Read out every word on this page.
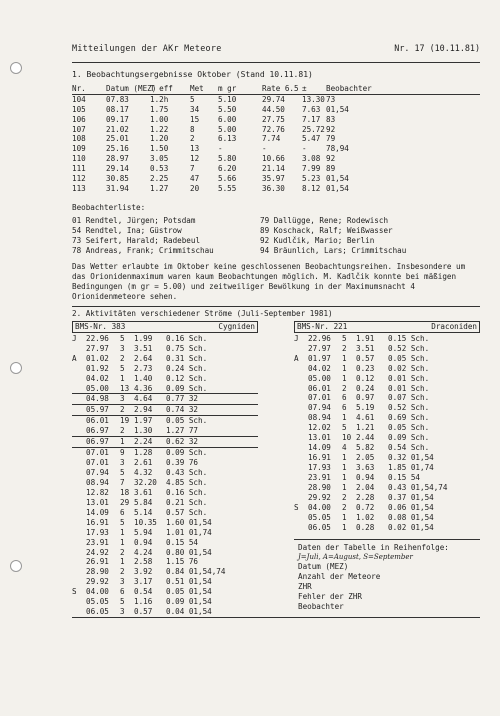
Mitteilungen der AKr Meteore	Nr. 17 (10.11.81)
1. Beobachtungsergebnisse Oktober (Stand 10.11.81)
Nr.	Datum (MEZ)
T eff	Met	m gr	Rate 6.5 ±	Beobachter
104	07.83	1.2h	5	5.10	29.74	13.30 73
105	08.17	1.75	34	5.50	44.50	7.63 01,54
106	09.17	1.00	15	6.00	27.75	7.17 83
107	21.02	1.22	8	5.00	72.76	25.72 92
108	25.01	1.20	2	6.13	7.74	5.47 79
109	25.16	1.50	13	-	-	-	78,94
110	28.97	3.05	12	5.80	10.66	3.08 92
111	29.14	0.53	7	6.20	21.14	7.99 89
112	30.85	2.25	47	5.66	35.97	5.23 01,54
113	31.94	1.27	20	5.55	36.30	8.12 01,54
Beobachterliste:
01 Rendtel, Jürgen; Potsdam	79 Dallügge, Rene; Rodewisch
54 Rendtel, Ina; Güstrow	89 Koschack, Ralf; Weißwasser
73 Seifert, Harald; Radebeul	92 Kudlčik, Mario; Berlin
78 Andreas, Frank; Crimmitschau	94 Bräunlich, Lars; Crimmitschau
Das Wetter erlaubte im Oktober keine geschlossenen Beobachtungsreihen. Insbesondere um das Orionidenmaximum waren kaum Beobachtungen möglich. M. Kadlčik konnte bei mäßigen Bedingungen (m gr = 5.00) und zeitweiliger Bewölkung in der Maximumsnacht 4 Orionidenmeteore sehen.
2. Aktivitäten verschiedener Ströme (Juli-September 1981)
BMS-Nr. 383	Cygniden
J	22.96	5	1.99	0.16 Sch.
27.97	3	3.51	0.75 Sch.
A	01.02	2	2.64	0.31 Sch.
01.92	5	2.73	0.24 Sch.
04.02	1	1.40	0.12 Sch.
05.00	13 4.36	0.09 Sch.
04.98	3	4.64	0.77 32
05.97	2	2.94	0.74 32
06.01	19 1.97	0.05 Sch.
06.97	2	1.30	1.27 77
06.97	1	2.24	0.62 32
07.01	9	1.28	0.09 Sch.
07.01	3	2.61	0.39 76
07.94	5	4.32	0.43 Sch.
08.94	7	32.20	4.85 Sch.
12.82	18 3.61	0.16 Sch.
13.01	29 5.84	0.21 Sch.
14.09	6	5.14	0.57 Sch.
16.91	5	10.35	1.60 01,54
17.93	1	5.94	1.01 01,74
23.91	1	0.94	0.15 54
24.92	2	4.24	0.80 01,54
26.91	1	2.58	1.15 76
28.90	2	3.92	0.84 01,54,74
29.92	3	3.17	0.51 01,54
S	04.00	6	0.54	0.05 01,54
05.05	5	1.16	0.09 01,54
06.05	3	0.57	0.04 01,54
BMS-Nr. 221	Draconiden
J	22.96	5	1.91	0.15 Sch.
27.97	2	3.51	0.52 Sch.
A	01.97	1	0.57	0.05 Sch.
04.02	1	0.23	0.02 Sch.
05.00	1	0.12	0.01 Sch.
06.01	2	0.24	0.01 Sch.
07.01	6	0.97	0.07 Sch.
07.94	6	5.19	0.52 Sch.
08.94	1	4.61	0.69 Sch.
12.02	5	1.21	0.05 Sch.
13.01	10 2.44	0.09 Sch.
14.09	4	5.82	0.54 Sch.
16.91	1	2.05	0.32 01,54
17.93	1	3.63	1.85 01,74
23.91	1	0.94	0.15 54
28.90	1	2.04	0.43 01,54,74
29.92	2	2.28	0.37 01,54
S	04.00	2	0.72	0.06 01,54
05.05	1	1.02	0.08 01,54
06.05	1	0.28	0.02 01,54
Daten der Tabelle in Reihenfolge:
J=Juli, A=August, S=September
Datum (MEZ)
Anzahl der Meteore
ZHR
Fehler der ZHR
Beobachter
